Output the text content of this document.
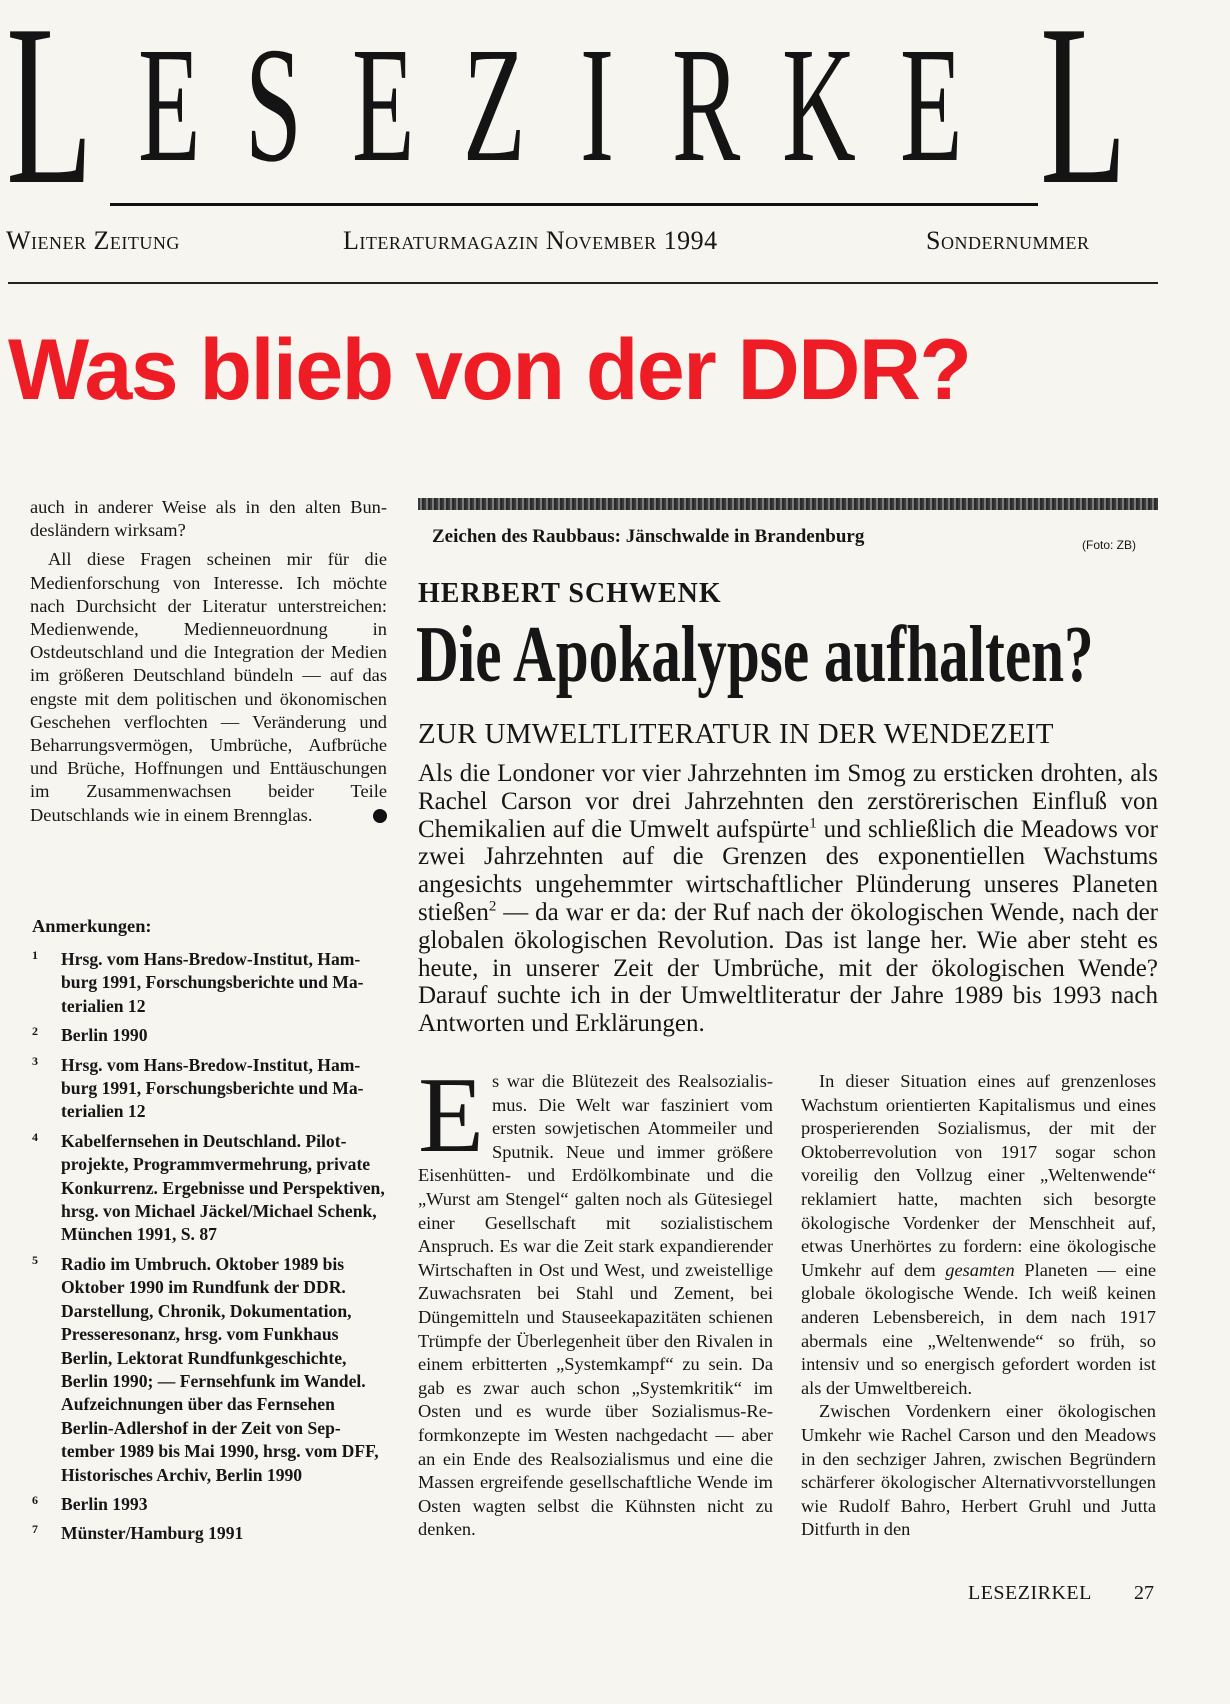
L E S E Z I R K E L
Wiener Zeitung	Literaturmagazin November 1994	Sondernummer
Was blieb von der DDR?

auch in anderer Weise als in den alten Bundesländern wirksam?

All diese Fragen scheinen mir für die Medienforschung von Interesse. Ich möchte nach Durchsicht der Literatur unterstreichen: Medienwende, Medienneuordnung in Ostdeutschland und die Integration der Medien im größeren Deutschland bündeln — auf das engste mit dem politischen und ökonomischen Geschehen verflochten — Veränderung und Beharrungsvermögen, Umbrüche, Aufbrüche und Brüche, Hoffnungen und Enttäuschungen im Zusammenwachsen beider Teile Deutschlands wie in einem Brennglas.

Anmerkungen:
1 Hrsg. vom Hans-Bredow-Institut, Hamburg 1991, Forschungsberichte und Materialien 12
2 Berlin 1990
3 Hrsg. vom Hans-Bredow-Institut, Hamburg 1991, Forschungsberichte und Materialien 12
4 Kabelfernsehen in Deutschland. Pilotprojekte, Programmvermehrung, private Konkurrenz. Ergebnisse und Perspektiven, hrsg. von Michael Jäckel/Michael Schenk, München 1991, S. 87
5 Radio im Umbruch. Oktober 1989 bis Oktober 1990 im Rundfunk der DDR. Darstellung, Chronik, Dokumentation, Presseresonanz, hrsg. vom Funkhaus Berlin, Lektorat Rundfunkgeschichte, Berlin 1990; — Fernsehfunk im Wandel. Aufzeichnungen über das Fernsehen Berlin-Adlershof in der Zeit von September 1989 bis Mai 1990, hrsg. vom DFF, Historisches Archiv, Berlin 1990
6 Berlin 1993
7 Münster/Hamburg 1991
Zeichen des Raubbaus: Jänschwalde in Brandenburg	(Foto: ZB)
HERBERT SCHWENK
Die Apokalypse aufhalten?
ZUR UMWELTLITERATUR IN DER WENDEZEIT

Als die Londoner vor vier Jahrzehnten im Smog zu ersticken drohten, als Rachel Carson vor drei Jahrzehnten den zerstörerischen Einfluß von Chemikalien auf die Umwelt aufspürte$^1$ und schließlich die Meadows vor zwei Jahrzehnten auf die Grenzen des exponentiellen Wachstums angesichts ungehemmter wirtschaftlicher Plünderung unseres Planeten stießen$^2$ — da war er da: der Ruf nach der ökologischen Wende, nach der globalen ökologischen Revolution. Das ist lange her. Wie aber steht es heute, in unserer Zeit der Umbrüche, mit der ökologischen Wende? Darauf suchte ich in der Umweltliteratur der Jahre 1989 bis 1993 nach Antworten und Erklärungen.

Es war die Blütezeit des Realsozialismus. Die Welt war fasziniert vom ersten sowjetischen Atommeiler und Sputnik. Neue und immer größere Eisenhütten- und Erdölkombinate und die „Wurst am Stengel“ galten noch als Gütesiegel einer Gesellschaft mit sozialistischem Anspruch. Es war die Zeit stark expandierender Wirtschaften in Ost und West, und zweistellige Zuwachsraten bei Stahl und Zement, bei Düngemitteln und Stauseekapazitäten schienen Trümpfe der Überlegenheit über den Rivalen in einem erbitterten „Systemkampf“ zu sein. Da gab es zwar auch schon „Systemkritik“ im Osten und es wurde über Sozialismus-Reformkonzepte im Westen nachgedacht — aber an ein Ende des Realsozialismus und eine die Massen ergreifende gesellschaftliche Wende im Osten wagten selbst die Kühnsten nicht zu denken.

In dieser Situation eines auf grenzenloses Wachstum orientierten Kapitalismus und eines prosperierenden Sozialismus, der mit der Oktoberrevolution von 1917 sogar schon voreilig den Vollzug einer „Weltenwende“ reklamiert hatte, machten sich besorgte ökologische Vordenker der Menschheit auf, etwas Unerhörtes zu fordern: eine ökologische Umkehr auf dem gesamten Planeten — eine globale ökologische Wende. Ich weiß keinen anderen Lebensbereich, in dem nach 1917 abermals eine „Weltenwende“ so früh, so intensiv und so energisch gefordert worden ist als der Umweltbereich.

Zwischen Vordenkern einer ökologischen Umkehr wie Rachel Carson und den Meadows in den sechziger Jahren, zwischen Begründern schärferer ökologischer Alternativvorstellungen wie Rudolf Bahro, Herbert Gruhl und Jutta Ditfurth in den

LESEZIRKEL 27
